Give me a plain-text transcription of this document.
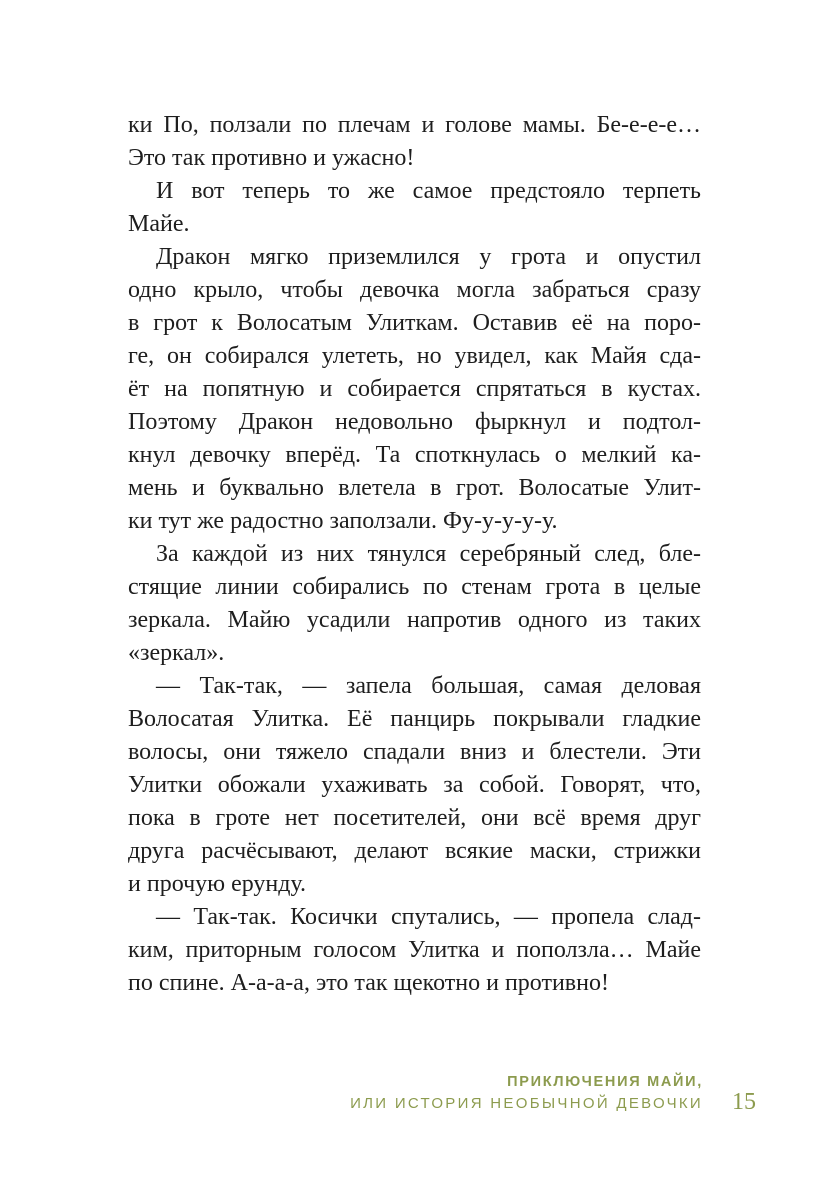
ки По, ползали по плечам и голове мамы. Бе-е-е-е…
Это так противно и ужасно!
И вот теперь то же самое предстояло терпеть
Майе.
Дракон мягко приземлился у грота и опустил
одно крыло, чтобы девочка могла забраться сразу
в грот к Волосатым Улиткам. Оставив её на поро-
ге, он собирался улететь, но увидел, как Майя сда-
ёт на попятную и собирается спрятаться в кустах.
Поэтому Дракон недовольно фыркнул и подтол-
кнул девочку вперёд. Та споткнулась о мелкий ка-
мень и буквально влетела в грот. Волосатые Улит-
ки тут же радостно заползали. Фу-у-у-у-у.
За каждой из них тянулся серебряный след, бле-
стящие линии собирались по стенам грота в целые
зеркала. Майю усадили напротив одного из таких
«зеркал».
— Так-так, — запела большая, самая деловая
Волосатая Улитка. Её панцирь покрывали гладкие
волосы, они тяжело спадали вниз и блестели. Эти
Улитки обожали ухаживать за собой. Говорят, что,
пока в гроте нет посетителей, они всё время друг
друга расчёсывают, делают всякие маски, стрижки
и прочую ерунду.
— Так-так. Косички спутались, — пропела слад-
ким, приторным голосом Улитка и поползла… Майе
по спине. А-а-а-а, это так щекотно и противно!
ПРИКЛЮЧЕНИЯ МАЙИ,
ИЛИ ИСТОРИЯ НЕОБЫЧНОЙ ДЕВОЧКИ 15
